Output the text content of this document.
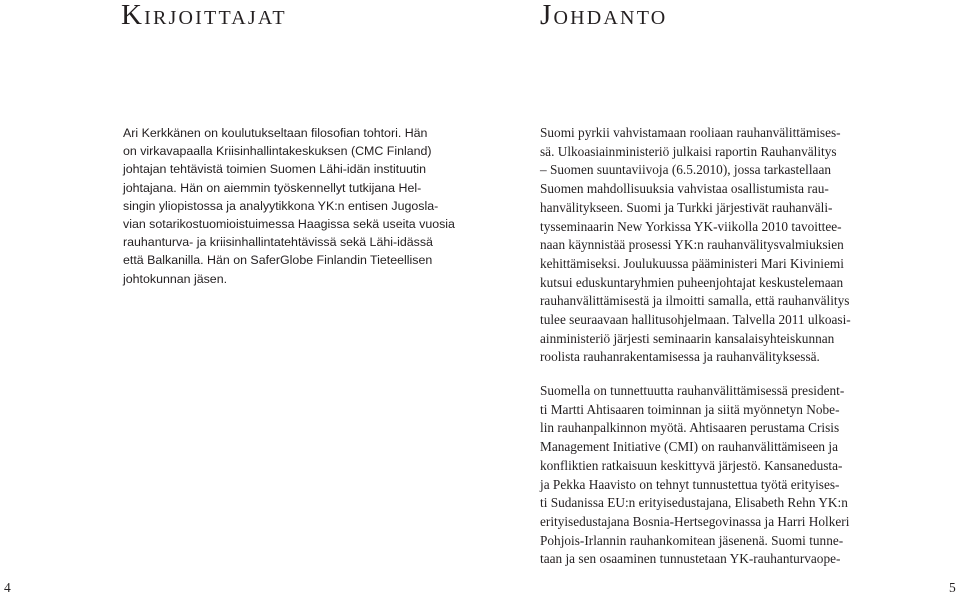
Kirjoittajat	Johdanto
Ari Kerkkänen on koulutukseltaan filosofian tohtori. Hän
on virkavapaalla Kriisinhallintakeskuksen (CMC Finland)
johtajan tehtävistä toimien Suomen Lähi-idän instituutin
johtajana. Hän on aiemmin työskennellyt tutkijana Hel-
singin yliopistossa ja analyytikkona YK:n entisen Jugosla-
vian sotarikostuomioistuimessa Haagissa sekä useita vuosia
rauhanturva- ja kriisinhallintatehtävissä sekä Lähi-idässä
että Balkanilla. Hän on SaferGlobe Finlandin Tieteellisen
johtokunnan jäsen.
Suomi pyrkii vahvistamaan rooliaan rauhanvälittämises-
sä. Ulkoasiainministeriö julkaisi raportin Rauhanvälitys
– Suomen suuntaviivoja (6.5.2010), jossa tarkastellaan
Suomen mahdollisuuksia vahvistaa osallistumista rau-
hanvälitykseen. Suomi ja Turkki järjestivät rauhanväli-
tysseminaarin New Yorkissa YK-viikolla 2010 tavoittee-
naan käynnistää prosessi YK:n rauhanvälitysvalmiuksien
kehittämiseksi. Joulukuussa pääministeri Mari Kiviniemi
kutsui eduskuntaryhmien puheenjohtajat keskustelemaan
rauhanvälittämisestä ja ilmoitti samalla, että rauhanvälitys
tulee seuraavaan hallitusohjelmaan. Talvella 2011 ulkoasi-
ainministeriö järjesti seminaarin kansalaisyhteiskunnan
roolista rauhanrakentamisessa ja rauhanvälityksessä.
Suomella on tunnettuutta rauhanvälittämisessä president-
ti Martti Ahtisaaren toiminnan ja siitä myönnetyn Nobe-
lin rauhanpalkinnon myötä. Ahtisaaren perustama Crisis
Management Initiative (CMI) on rauhanvälittämiseen ja
konfliktien ratkaisuun keskittyvä järjestö. Kansanedusta-
ja Pekka Haavisto on tehnyt tunnustettua työtä erityises-
ti Sudanissa EU:n erityisedustajana, Elisabeth Rehn YK:n
erityisedustajana Bosnia-Hertsegovinassa ja Harri Holkeri
Pohjois-Irlannin rauhankomitean jäsenenä. Suomi tunne-
taan ja sen osaaminen tunnustetaan YK-rauhanturvaope-
4	5
